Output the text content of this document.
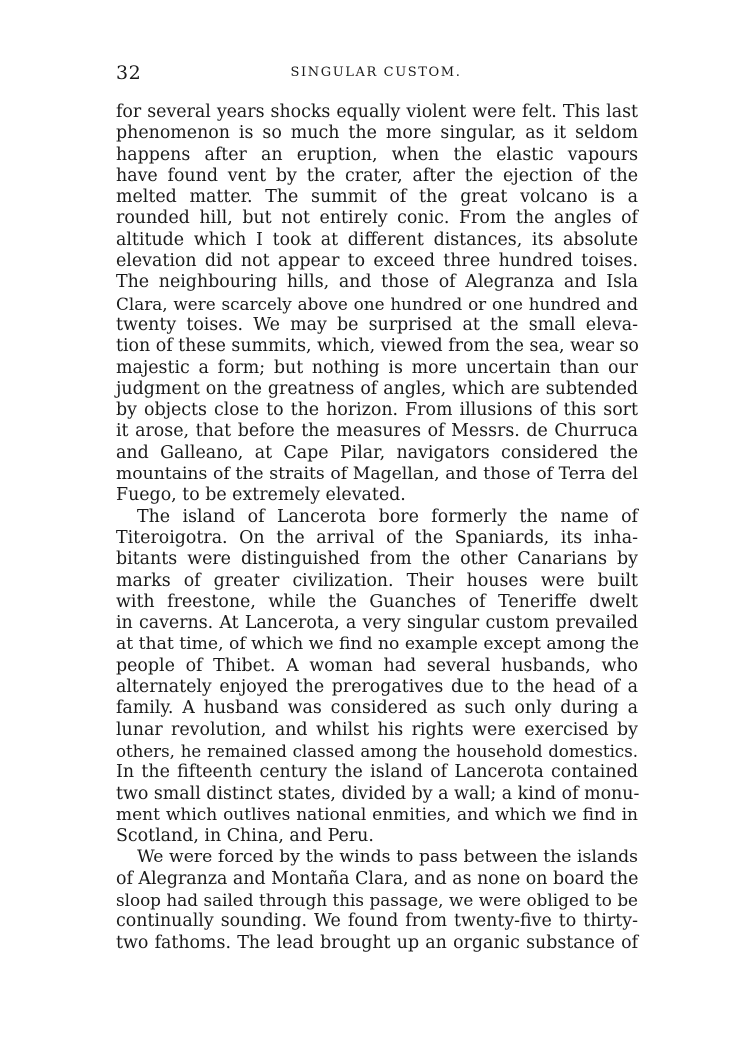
32	SINGULAR CUSTOM.
for several years shocks equally violent were felt. This last
phenomenon is so much the more singular, as it seldom
happens after an eruption, when the elastic vapours
have found vent by the crater, after the ejection of the
melted matter. The summit of the great volcano is a
rounded hill, but not entirely conic. From the angles of
altitude which I took at different distances, its absolute
elevation did not appear to exceed three hundred toises.
The neighbouring hills, and those of Alegranza and Isla
Clara, were scarcely above one hundred or one hundred and
twenty toises. We may be surprised at the small eleva-
tion of these summits, which, viewed from the sea, wear so
majestic a form; but nothing is more uncertain than our
judgment on the greatness of angles, which are subtended
by objects close to the horizon. From illusions of this sort
it arose, that before the measures of Messrs. de Churruca
and Galleano, at Cape Pilar, navigators considered the
mountains of the straits of Magellan, and those of Terra del
Fuego, to be extremely elevated.
The island of Lancerota bore formerly the name of
Titeroigotra. On the arrival of the Spaniards, its inha-
bitants were distinguished from the other Canarians by
marks of greater civilization. Their houses were built
with freestone, while the Guanches of Teneriffe dwelt
in caverns. At Lancerota, a very singular custom prevailed
at that time, of which we find no example except among the
people of Thibet. A woman had several husbands, who
alternately enjoyed the prerogatives due to the head of a
family. A husband was considered as such only during a
lunar revolution, and whilst his rights were exercised by
others, he remained classed among the household domestics.
In the fifteenth century the island of Lancerota contained
two small distinct states, divided by a wall; a kind of monu-
ment which outlives national enmities, and which we find in
Scotland, in China, and Peru.
We were forced by the winds to pass between the islands
of Alegranza and Montaña Clara, and as none on board the
sloop had sailed through this passage, we were obliged to be
continually sounding. We found from twenty-five to thirty-
two fathoms. The lead brought up an organic substance of
